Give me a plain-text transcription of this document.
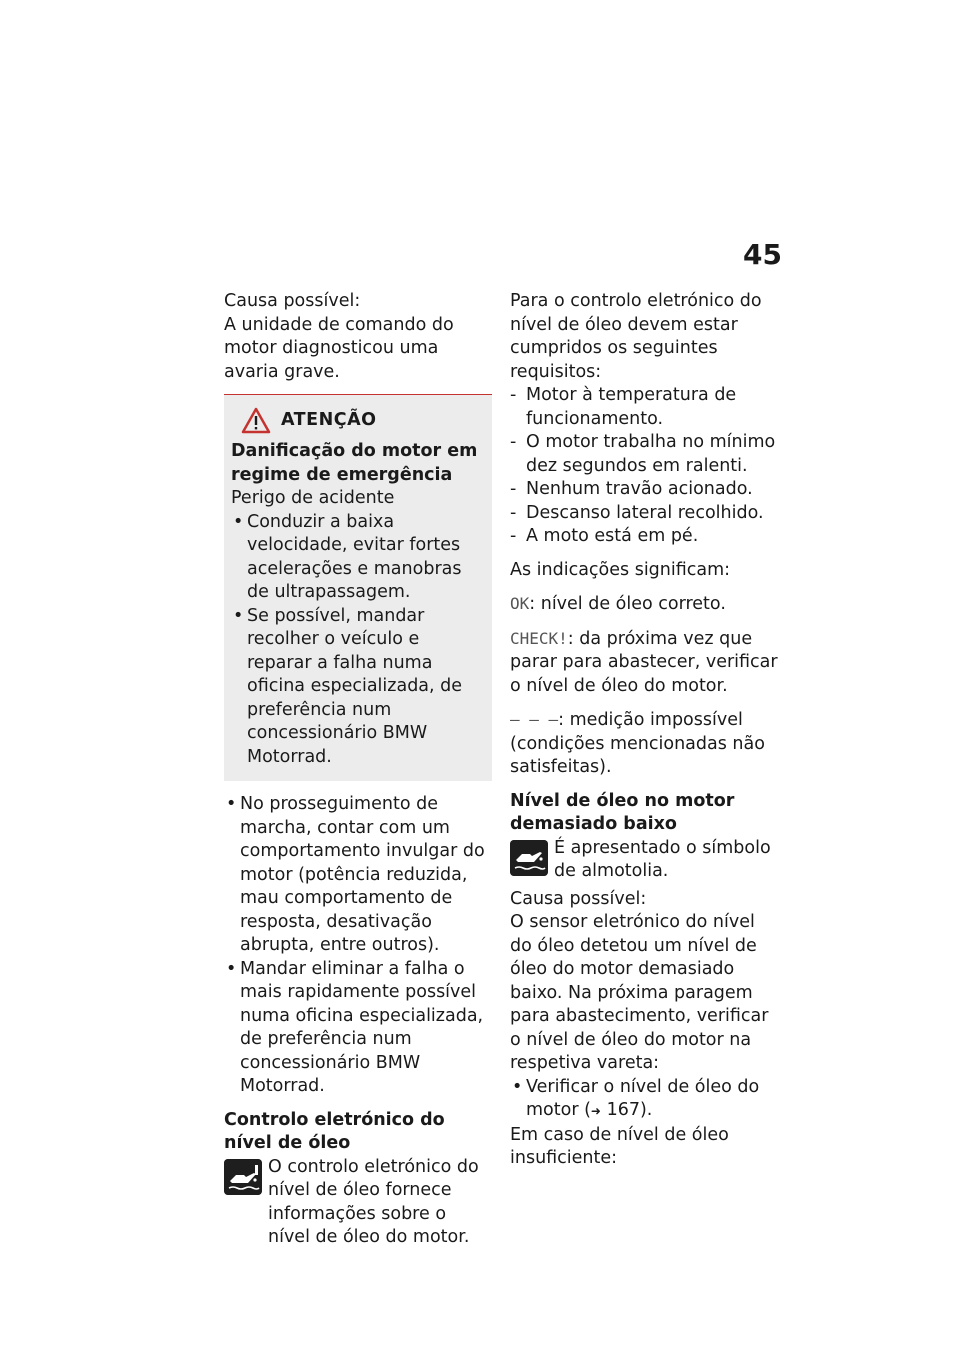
45

Causa possível:

A unidade de comando do motor diagnosticou uma avaria grave.

ATENÇÃO

Danificação do motor em regime de emergência

Perigo de acidente

• Conduzir a baixa velocidade, evitar fortes acelerações e manobras de ultrapassagem.
• Se possível, mandar recolher o veículo e reparar a falha numa oficina especializada, de preferência num concessionário BMW Motorrad.
• No prosseguimento de marcha, contar com um comportamento invulgar do motor (potência reduzida, mau comportamento de resposta, desativação abrupta, entre outros).
• Mandar eliminar a falha o mais rapidamente possível numa oficina especializada, de preferência num concessionário BMW Motorrad.

Controlo eletrónico do nível de óleo

O controlo eletrónico do nível de óleo fornece informações sobre o nível de óleo do motor.

Para o controlo eletrónico do nível de óleo devem estar cumpridos os seguintes requisitos:

- Motor à temperatura de funcionamento.
- O motor trabalha no mínimo dez segundos em ralenti.
- Nenhum travão acionado.
- Descanso lateral recolhido.
- A moto está em pé.

As indicações significam:

OK: nível de óleo correto.

CHECK!: da próxima vez que parar para abastecer, verificar o nível de óleo do motor.

– – –: medição impossível (condições mencionadas não satisfeitas).

Nível de óleo no motor demasiado baixo

É apresentado o símbolo de almotolia.

Causa possível:

O sensor eletrónico do nível do óleo detetou um nível de óleo do motor demasiado baixo. Na próxima paragem para abastecimento, verificar o nível de óleo do motor na respetiva vareta:

• Verificar o nível de óleo do motor (➜ 167).

Em caso de nível de óleo insuficiente:
